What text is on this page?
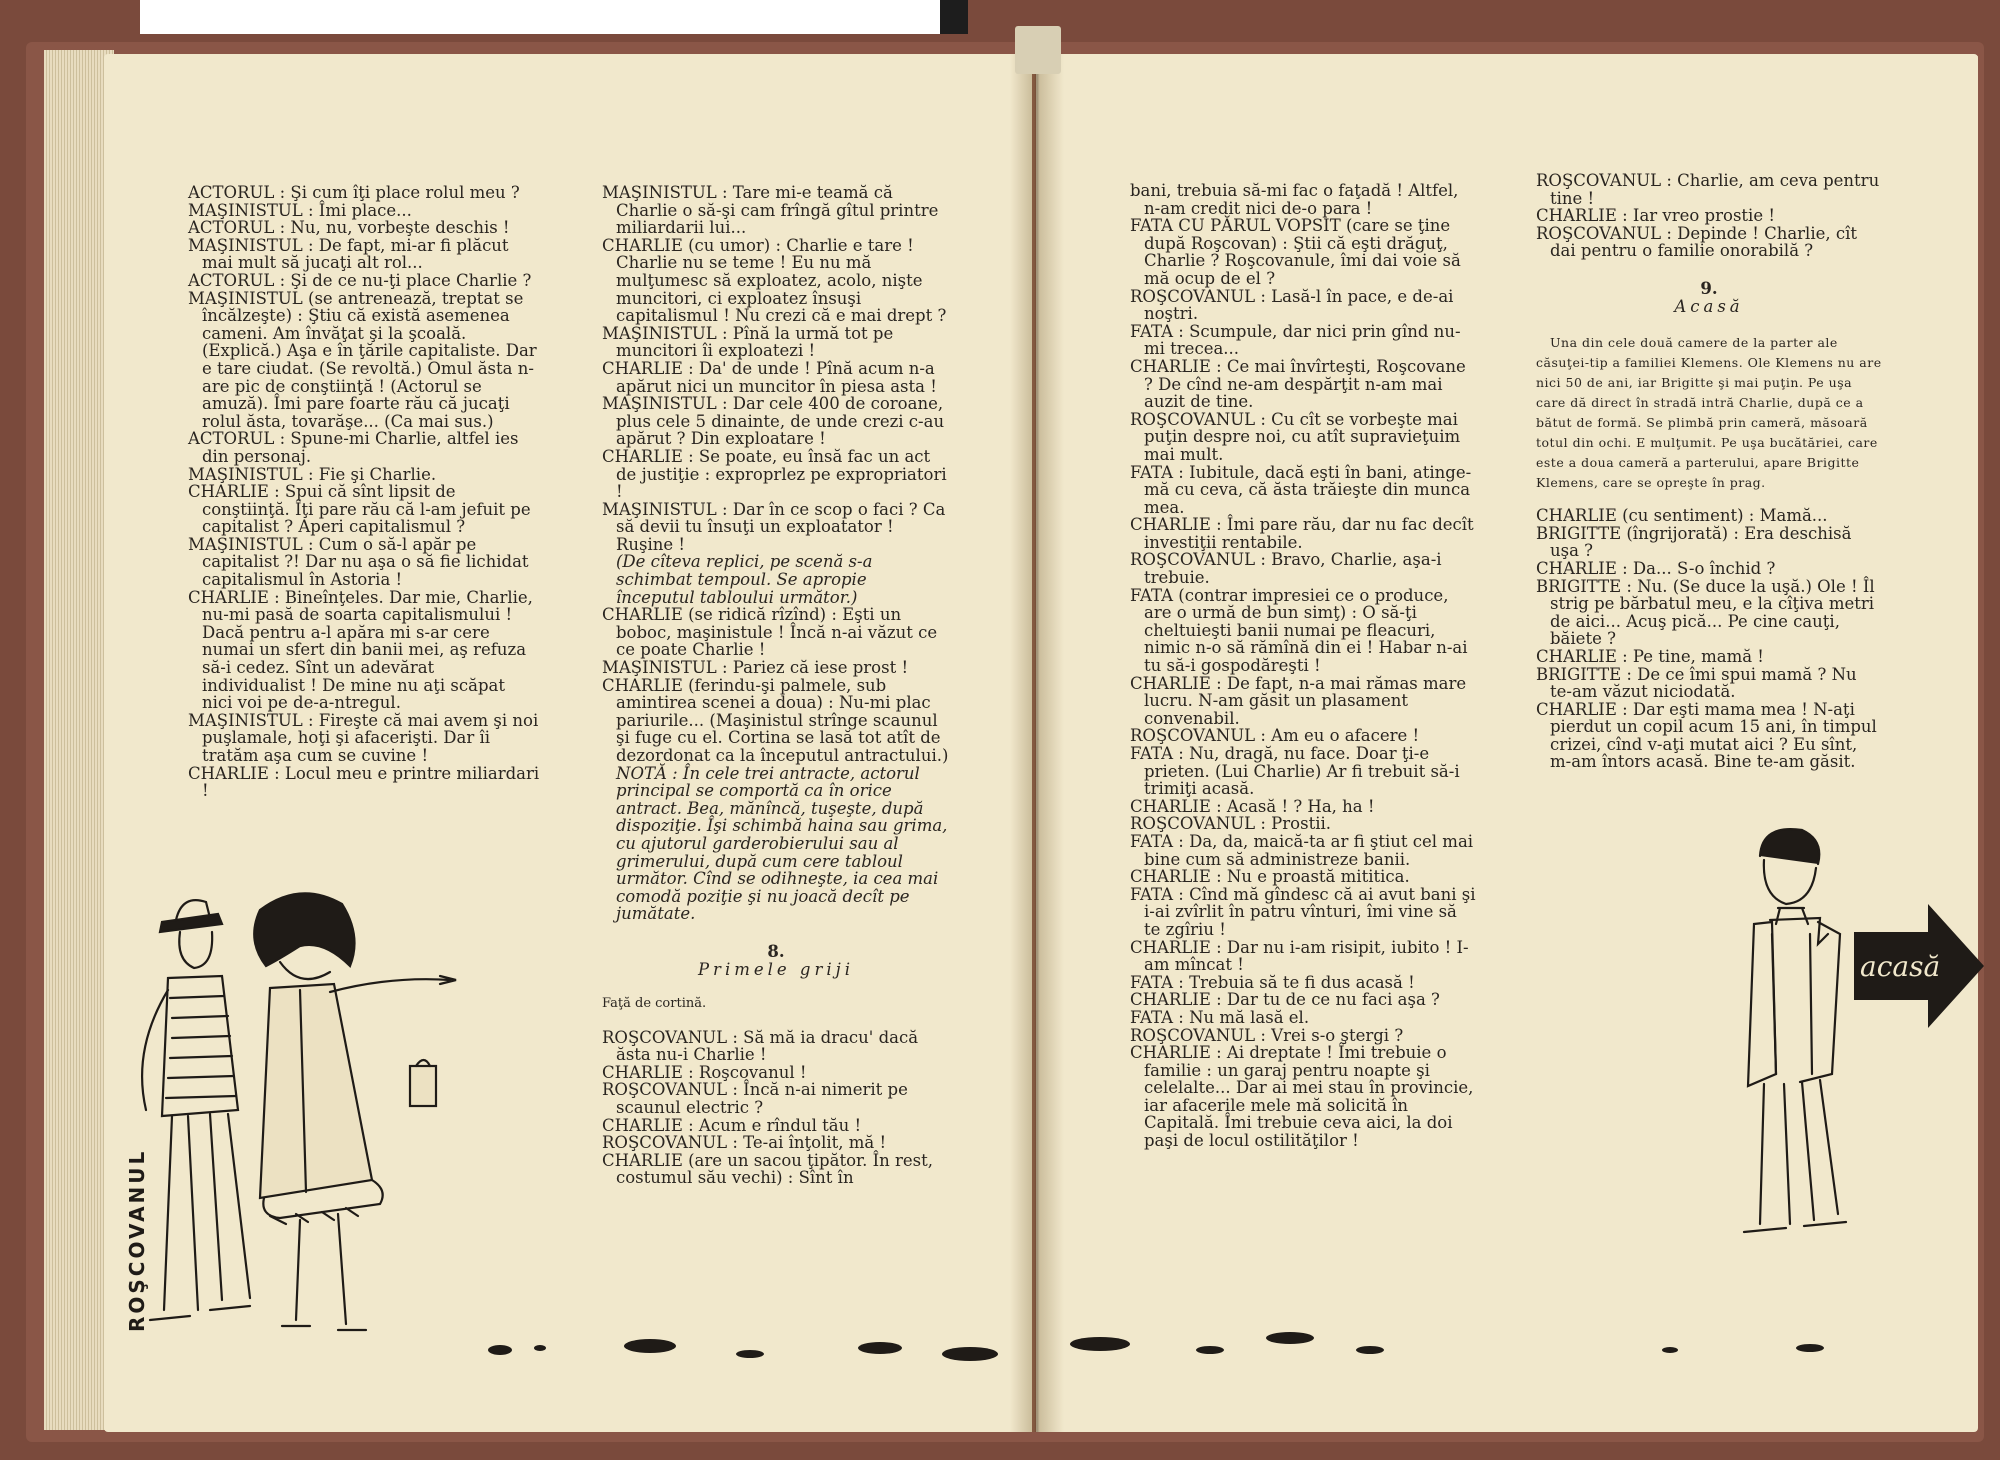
ACTORUL : Şi cum îţi place rolul meu ?

MAŞINISTUL : Îmi place...

ACTORUL : Nu, nu, vorbeşte deschis !

MAŞINISTUL : De fapt, mi-ar fi plăcut mai mult să jucaţi alt rol...

ACTORUL : Şi de ce nu-ţi place Charlie ?

MAŞINISTUL (se antrenează, treptat se încălzeşte) : Ştiu că există asemenea cameni. Am învăţat şi la şcoală. (Explică.) Aşa e în ţările capitaliste. Dar e tare ciudat. (Se revoltă.) Omul ăsta n-are pic de conştiinţă ! (Actorul se amuză). Îmi pare foarte rău că jucaţi rolul ăsta, tovarăşe... (Ca mai sus.)

ACTORUL : Spune-mi Charlie, altfel ies din personaj.

MAŞINISTUL : Fie şi Charlie.

CHARLIE : Spui că sînt lipsit de conştiinţă. Îţi pare rău că l-am jefuit pe capitalist ? Aperi capitalismul ?

MAŞINISTUL : Cum o să-l apăr pe capitalist ?! Dar nu aşa o să fie lichidat capitalismul în Astoria !

CHARLIE : Bineînţeles. Dar mie, Charlie, nu-mi pasă de soarta capitalismului ! Dacă pentru a-l apăra mi s-ar cere numai un sfert din banii mei, aş refuza să-i cedez. Sînt un adevărat individualist ! De mine nu aţi scăpat nici voi pe de-a-ntregul.

MAŞINISTUL : Fireşte că mai avem şi noi puşlamale, hoţi şi afacerişti. Dar îi tratăm aşa cum se cuvine !

CHARLIE : Locul meu e printre miliardari !

MAŞINISTUL : Tare mi-e teamă că Charlie o să-şi cam frîngă gîtul printre miliardarii lui...

CHARLIE (cu umor) : Charlie e tare ! Charlie nu se teme ! Eu nu mă mulţumesc să exploatez, acolo, nişte muncitori, ci exploatez însuşi capitalismul ! Nu crezi că e mai drept ?

MAŞINISTUL : Pînă la urmă tot pe muncitori îi exploatezi !

CHARLIE : Da' de unde ! Pînă acum n-a apărut nici un muncitor în piesa asta !

MAŞINISTUL : Dar cele 400 de coroane, plus cele 5 dinainte, de unde crezi c-au apărut ? Din exploatare !

CHARLIE : Se poate, eu însă fac un act de justiţie : exproprlez pe expropriatori !

MAŞINISTUL : Dar în ce scop o faci ? Ca să devii tu însuţi un exploatator ! Ruşine !

(De cîteva replici, pe scenă s-a schimbat tempoul. Se apropie începutul tabloului următor.)

CHARLIE (se ridică rîzînd) : Eşti un boboc, maşinistule ! Încă n-ai văzut ce ce poate Charlie !

MAŞINISTUL : Pariez că iese prost !

CHARLIE (ferindu-şi palmele, sub amintirea scenei a doua) : Nu-mi plac pariurile... (Maşinistul strînge scaunul şi fuge cu el. Cortina se lasă tot atît de dezordonat ca la începutul antractului.)

NOTĂ : În cele trei antracte, actorul principal se comportă ca în orice antract. Bea, mănîncă, tuşeşte, după dispoziţie. Îşi schimbă haina sau grima, cu ajutorul garderobierului sau al grimerului, după cum cere tabloul următor. Cînd se odihneşte, ia cea mai comodă poziţie şi nu joacă decît pe jumătate.

8.

Primele griji

Faţă de cortină.

ROŞCOVANUL : Să mă ia dracu' dacă ăsta nu-i Charlie !

CHARLIE : Roşcovanul !

ROŞCOVANUL : Încă n-ai nimerit pe scaunul electric ?

CHARLIE : Acum e rîndul tău !

ROŞCOVANUL : Te-ai înţolit, mă !

CHARLIE (are un sacou ţipător. În rest, costumul său vechi) : Sînt în

bani, trebuia să-mi fac o faţadă ! Altfel, n-am credit nici de-o para !

FATA CU PĂRUL VOPSIT (care se ţine după Roşcovan) : Ştii că eşti drăguţ, Charlie ? Roşcovanule, îmi dai voie să mă ocup de el ?

ROŞCOVANUL : Lasă-l în pace, e de-ai noştri.

FATA : Scumpule, dar nici prin gînd nu-mi trecea...

CHARLIE : Ce mai învîrteşti, Roşcovane ? De cînd ne-am despărţit n-am mai auzit de tine.

ROŞCOVANUL : Cu cît se vorbeşte mai puţin despre noi, cu atît supravieţuim mai mult.

FATA : Iubitule, dacă eşti în bani, atinge-mă cu ceva, că ăsta trăieşte din munca mea.

CHARLIE : Îmi pare rău, dar nu fac decît investiţii rentabile.

ROŞCOVANUL : Bravo, Charlie, aşa-i trebuie.

FATA (contrar impresiei ce o produce, are o urmă de bun simţ) : O să-ţi cheltuieşti banii numai pe fleacuri, nimic n-o să rămînă din ei ! Habar n-ai tu să-i gospodăreşti !

CHARLIE : De fapt, n-a mai rămas mare lucru. N-am găsit un plasament convenabil.

ROŞCOVANUL : Am eu o afacere !

FATA : Nu, dragă, nu face. Doar ţi-e prieten. (Lui Charlie) Ar fi trebuit să-i trimiţi acasă.

CHARLIE : Acasă ! ? Ha, ha !

ROŞCOVANUL : Prostii.

FATA : Da, da, maică-ta ar fi ştiut cel mai bine cum să administreze banii.

CHARLIE : Nu e proastă mititica.

FATA : Cînd mă gîndesc că ai avut bani şi i-ai zvîrlit în patru vînturi, îmi vine să te zgîriu !

CHARLIE : Dar nu i-am risipit, iubito ! I-am mîncat !

FATA : Trebuia să te fi dus acasă !

CHARLIE : Dar tu de ce nu faci aşa ?

FATA : Nu mă lasă el.

ROŞCOVANUL : Vrei s-o ştergi ?

CHARLIE : Ai dreptate ! Îmi trebuie o familie : un garaj pentru noapte şi celelalte... Dar ai mei stau în provincie, iar afacerile mele mă solicită în Capitală. Îmi trebuie ceva aici, la doi paşi de locul ostilităţilor !

ROŞCOVANUL : Charlie, am ceva pentru tine !

CHARLIE : Iar vreo prostie !

ROŞCOVANUL : Depinde ! Charlie, cît dai pentru o familie onorabilă ?

9.

Acasă

Una din cele două camere de la parter ale căsuţei-tip a familiei Klemens. Ole Klemens nu are nici 50 de ani, iar Brigitte şi mai puţin. Pe uşa care dă direct în stradă intră Charlie, după ce a bătut de formă. Se plimbă prin cameră, măsoară totul din ochi. E mulţumit. Pe uşa bucătăriei, care este a doua cameră a parterului, apare Brigitte Klemens, care se opreşte în prag.

CHARLIE (cu sentiment) : Mamă...

BRIGITTE (îngrijorată) : Era deschisă uşa ?

CHARLIE : Da... S-o închid ?

BRIGITTE : Nu. (Se duce la uşă.) Ole ! Îl strig pe bărbatul meu, e la cîţiva metri de aici... Acuş pică... Pe cine cauţi, băiete ?

CHARLIE : Pe tine, mamă !

BRIGITTE : De ce îmi spui mamă ? Nu te-am văzut niciodată.

CHARLIE : Dar eşti mama mea ! N-aţi pierdut un copil acum 15 ani, în timpul crizei, cînd v-aţi mutat aici ? Eu sînt, m-am întors acasă. Bine te-am găsit.

ROŞCOVANUL
acasă
